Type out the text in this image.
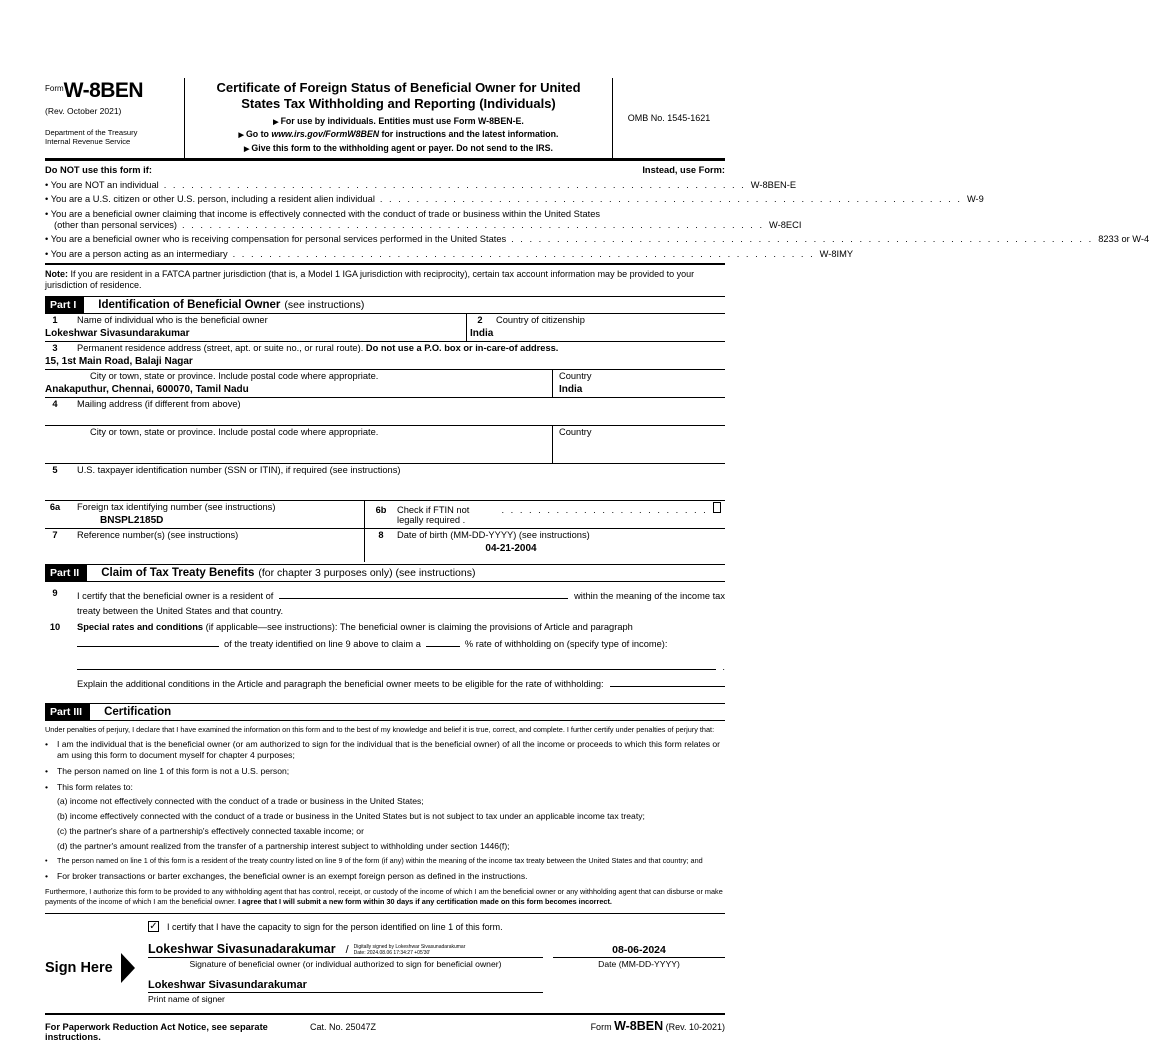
$^{Form}$W-8BEN
(Rev. October 2021)
Department of the Treasury
Internal Revenue Service
Certificate of Foreign Status of Beneficial Owner for United
States Tax Withholding and Reporting (Individuals)
▶ For use by individuals. Entities must use Form W-8BEN-E.
▶ Go to www.irs.gov/FormW8BEN for instructions and the latest information.
▶ Give this form to the withholding agent or payer. Do not send to the IRS.
OMB No. 1545-1621
Do NOT use this form if:	Instead, use Form:
• You are NOT an individual . . .	W-8BEN-E
• You are a U.S. citizen or other U.S. person, including a resident alien individual . . .	W-9
• You are a beneficial owner claiming that income is effectively connected with the conduct of trade or business within the United States
(other than personal services) . . .	W-8ECI
• You are a beneficial owner who is receiving compensation for personal services performed in the United States . . .	8233 or W-4
• You are a person acting as an intermediary . . .	W-8IMY
Note: If you are resident in a FATCA partner jurisdiction (that is, a Model 1 IGA jurisdiction with reciprocity), certain tax account information may be provided to your jurisdiction of residence.
Part I	Identification of Beneficial Owner (see instructions)
1	Name of individual who is the beneficial owner
Lokeshwar Sivasundarakumar
2	Country of citizenship
India
3	Permanent residence address (street, apt. or suite no., or rural route). Do not use a P.O. box or in-care-of address.
15, 1st Main Road, Balaji Nagar
City or town, state or province. Include postal code where appropriate.
Anakaputhur, Chennai, 600070, Tamil Nadu
Country
India
4	Mailing address (if different from above)
City or town, state or province. Include postal code where appropriate.	Country
5	U.S. taxpayer identification number (SSN or ITIN), if required (see instructions)
6a	Foreign tax identifying number (see instructions)
BNSPL2185D
6b	Check if FTIN not legally required .
. . .
7	Reference number(s) (see instructions)	8	Date of birth (MM-DD-YYYY) (see instructions)
04-21-2004
Part II	Claim of Tax Treaty Benefits (for chapter 3 purposes only) (see instructions)
9	I certify that the beneficial owner is a resident of	within the meaning of the income tax
treaty between the United States and that country.
10	Special rates and conditions (if applicable—see instructions): The beneficial owner is claiming the provisions of Article and paragraph
of the treaty identified on line 9 above to claim a	% rate of withholding on (specify type of income):
.
Explain the additional conditions in the Article and paragraph the beneficial owner meets to be eligible for the rate of withholding:
Part III	Certification
Under penalties of perjury, I declare that I have examined the information on this form and to the best of my knowledge and belief it is true, correct, and complete. I further certify under penalties of perjury that:
•	I am the individual that is the beneficial owner (or am authorized to sign for the individual that is the beneficial owner) of all the income or proceeds to which this form relates or am using this form to document myself for chapter 4 purposes;
•	The person named on line 1 of this form is not a U.S. person;
•	This form relates to:
(a) income not effectively connected with the conduct of a trade or business in the United States;
(b) income effectively connected with the conduct of a trade or business in the United States but is not subject to tax under an applicable income tax treaty;
(c) the partner's share of a partnership's effectively connected taxable income; or
(d) the partner's amount realized from the transfer of a partnership interest subject to withholding under section 1446(f);
•	The person named on line 1 of this form is a resident of the treaty country listed on line 9 of the form (if any) within the meaning of the income tax treaty between the United States and that country; and
•	For broker transactions or barter exchanges, the beneficial owner is an exempt foreign person as defined in the instructions.
Furthermore, I authorize this form to be provided to any withholding agent that has control, receipt, or custody of the income of which I am the beneficial owner or any withholding agent that can disburse or make payments of the income of which I am the beneficial owner. I agree that I will submit a new form within 30 days if any certification made on this form becomes incorrect.
Sign Here
✓ I certify that I have the capacity to sign for the person identified on line 1 of this form.
Lokeshwar Sivasunadarakumar / Digitally signed by Lokeshwar Sivasunadarakumar
Date: 2024.08.06 17:34:27 +05'30'	08-06-2024
Signature of beneficial owner (or individual authorized to sign for beneficial owner)	Date (MM-DD-YYYY)
Lokeshwar Sivasundarakumar
Print name of signer
For Paperwork Reduction Act Notice, see separate instructions.
Cat. No. 25047Z	Form W-8BEN (Rev. 10-2021)
